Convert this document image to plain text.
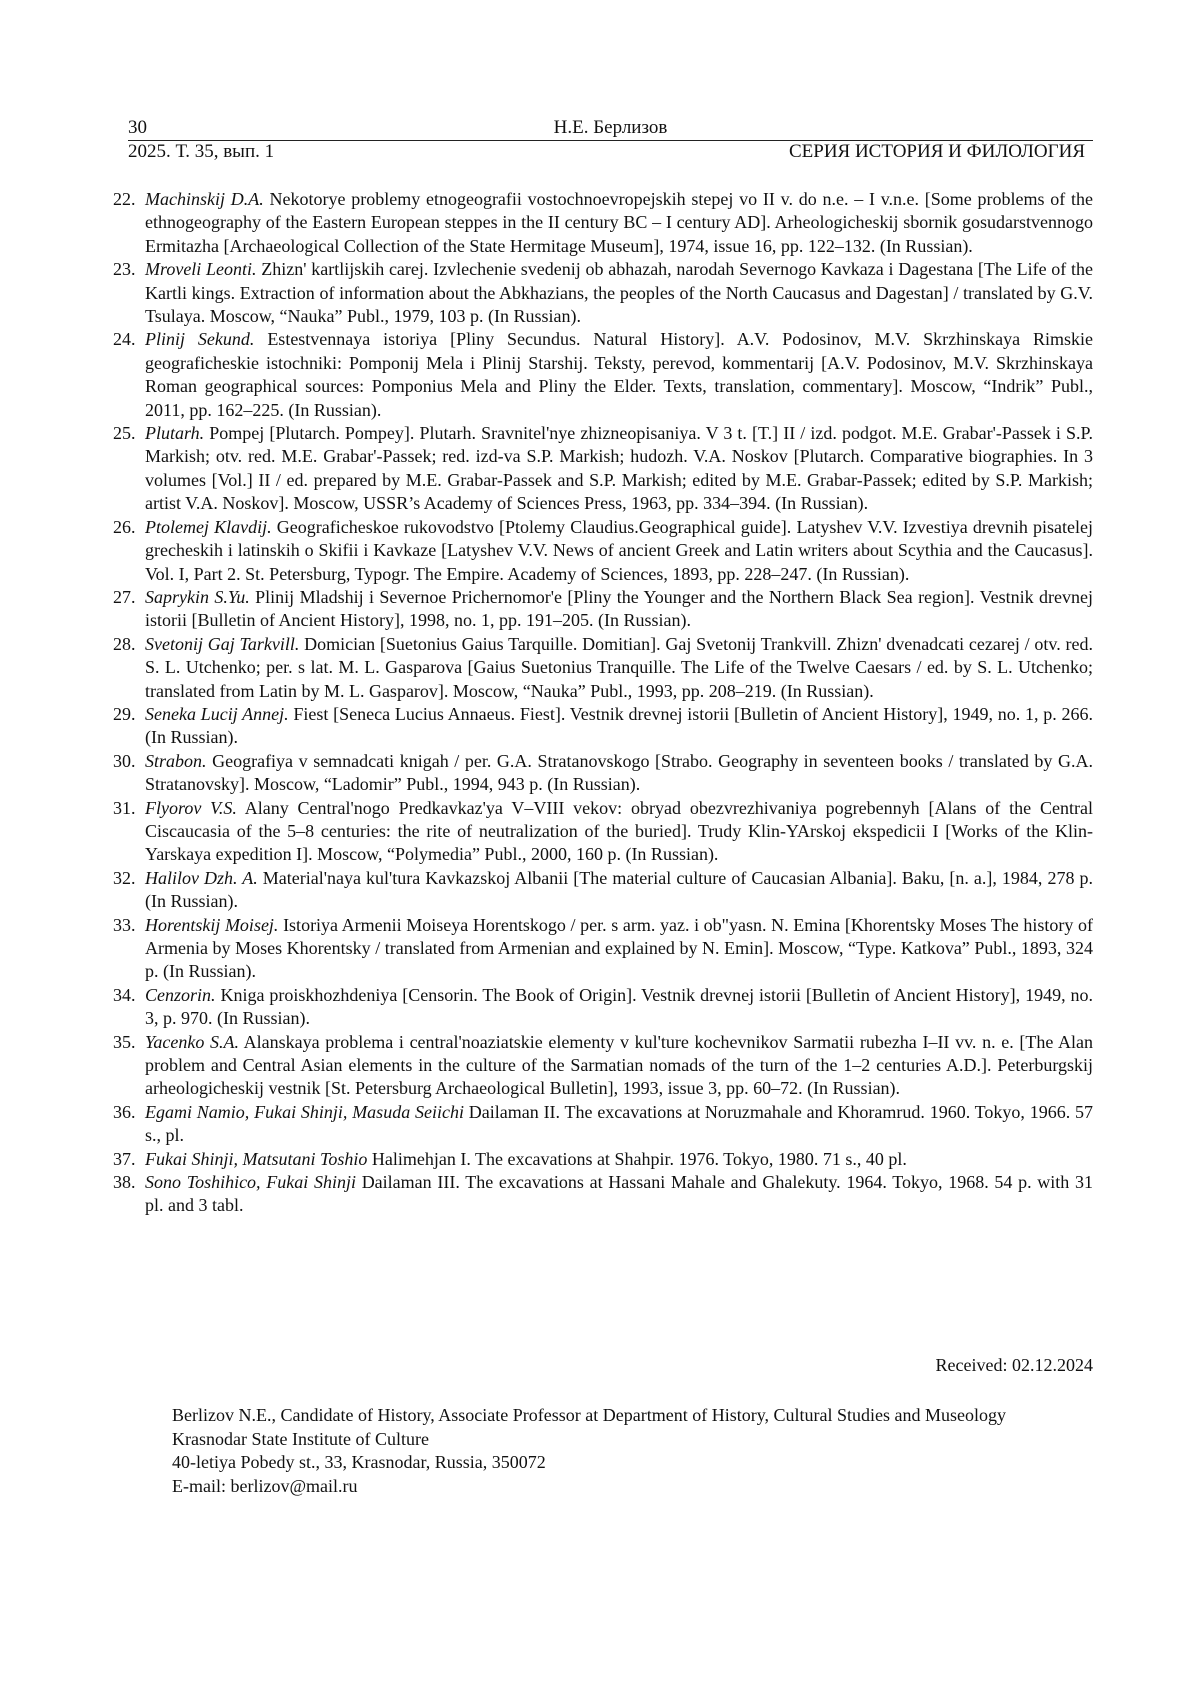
30	Н.Е. Берлизов
2025. Т. 35, вып. 1	СЕРИЯ ИСТОРИЯ И ФИЛОЛОГИЯ
22. Machinskij D.A. Nekotorye problemy etnogeografii vostochnoevropejskih stepej vo II v. do n.e. – I v.n.e. [Some problems of the ethnogeography of the Eastern European steppes in the II century BC – I century AD]. Arheologicheskij sbornik gosudarstvennogo Ermitazha [Archaeological Collection of the State Hermitage Museum], 1974, issue 16, pp. 122–132. (In Russian).
23. Mroveli Leonti. Zhizn' kartlijskih carej. Izvlechenie svedenij ob abhazah, narodah Severnogo Kavkaza i Dagestana [The Life of the Kartli kings. Extraction of information about the Abkhazians, the peoples of the North Caucasus and Dagestan] / translated by G.V. Tsulaya. Moscow, “Nauka” Publ., 1979, 103 p. (In Russian).
24. Plinij Sekund. Estestvennaya istoriya [Pliny Secundus. Natural History]. A.V. Podosinov, M.V. Skrzhinskaya Rimskie geograficheskie istochniki: Pomponij Mela i Plinij Starshij. Teksty, perevod, kommentarij [A.V. Podosinov, M.V. Skrzhinskaya Roman geographical sources: Pomponius Mela and Pliny the Elder. Texts, translation, commentary]. Moscow, “Indrik” Publ., 2011, pp. 162–225. (In Russian).
25. Plutarh. Pompej [Plutarch. Pompey]. Plutarh. Sravnitel'nye zhizneopisaniya. V 3 t. [T.] II / izd. podgot. M.E. Grabar'-Passek i S.P. Markish; otv. red. M.E. Grabar'-Passek; red. izd-va S.P. Markish; hudozh. V.A. Noskov [Plutarch. Comparative biographies. In 3 volumes [Vol.] II / ed. prepared by M.E. Grabar-Passek and S.P. Markish; edited by M.E. Grabar-Passek; edited by S.P. Markish; artist V.A. Noskov]. Moscow, USSR’s Academy of Sciences Press, 1963, pp. 334–394. (In Russian).
26. Ptolemej Klavdij. Geograficheskoe rukovodstvo [Ptolemy Claudius.Geographical guide]. Latyshev V.V. Izvestiya drevnih pisatelej grecheskih i latinskih o Skifii i Kavkaze [Latyshev V.V. News of ancient Greek and Latin writers about Scythia and the Caucasus]. Vol. I, Part 2. St. Petersburg, Typogr. The Empire. Academy of Sciences, 1893, pp. 228–247. (In Russian).
27. Saprykin S.Yu. Plinij Mladshij i Severnoe Prichernomor'e [Pliny the Younger and the Northern Black Sea region]. Vestnik drevnej istorii [Bulletin of Ancient History], 1998, no. 1, pp. 191–205. (In Russian).
28. Svetonij Gaj Tarkvill. Domician [Suetonius Gaius Tarquille. Domitian]. Gaj Svetonij Trankvill. Zhizn' dvenadcati cezarej / otv. red. S. L. Utchenko; per. s lat. M. L. Gasparova [Gaius Suetonius Tranquille. The Life of the Twelve Caesars / ed. by S. L. Utchenko; translated from Latin by M. L. Gasparov]. Moscow, “Nauka” Publ., 1993, pp. 208–219. (In Russian).
29. Seneka Lucij Annej. Fiest [Seneca Lucius Annaeus. Fiest]. Vestnik drevnej istorii [Bulletin of Ancient History], 1949, no. 1, p. 266. (In Russian).
30. Strabon. Geografiya v semnadcati knigah / per. G.A. Stratanovskogo [Strabo. Geography in seventeen books / translated by G.A. Stratanovsky]. Moscow, “Ladomir” Publ., 1994, 943 p. (In Russian).
31. Flyorov V.S. Alany Central'nogo Predkavkaz'ya V–VIII vekov: obryad obezvrezhivaniya pogrebennyh [Alans of the Central Ciscaucasia of the 5–8 centuries: the rite of neutralization of the buried]. Trudy Klin-YArskoj ekspedicii I [Works of the Klin-Yarskaya expedition I]. Moscow, “Polymedia” Publ., 2000, 160 p. (In Russian).
32. Halilov Dzh. A. Material'naya kul'tura Kavkazskoj Albanii [The material culture of Caucasian Albania]. Baku, [n. a.], 1984, 278 p. (In Russian).
33. Horentskij Moisej. Istoriya Armenii Moiseya Horentskogo / per. s arm. yaz. i ob"yasn. N. Emina [Khorentsky Moses The history of Armenia by Moses Khorentsky / translated from Armenian and explained by N. Emin]. Moscow, “Type. Katkova” Publ., 1893, 324 p. (In Russian).
34. Cenzorin. Kniga proiskhozhdeniya [Censorin. The Book of Origin]. Vestnik drevnej istorii [Bulletin of Ancient History], 1949, no. 3, p. 970. (In Russian).
35. Yacenko S.A. Alanskaya problema i central'noaziatskie elementy v kul'ture kochevnikov Sarmatii rubezha I–II vv. n. e. [The Alan problem and Central Asian elements in the culture of the Sarmatian nomads of the turn of the 1–2 centuries A.D.]. Peterburgskij arheologicheskij vestnik [St. Petersburg Archaeological Bulletin], 1993, issue 3, pp. 60–72. (In Russian).
36. Egami Namio, Fukai Shinji, Masuda Seiichi Dailaman II. The excavations at Noruzmahale and Khoramrud. 1960. Tokyo, 1966. 57 s., pl.
37. Fukai Shinji, Matsutani Toshio Halimehjan I. The excavations at Shahpir. 1976. Tokyo, 1980. 71 s., 40 pl.
38. Sono Toshihico, Fukai Shinji Dailaman III. The excavations at Hassani Mahale and Ghalekuty. 1964. Tokyo, 1968. 54 p. with 31 pl. and 3 tabl.
Received: 02.12.2024
Berlizov N.E., Candidate of History, Associate Professor at Department of History, Cultural Studies and Museology
Krasnodar State Institute of Culture
40-letiya Pobedy st., 33, Krasnodar, Russia, 350072
E-mail: berlizov@mail.ru
